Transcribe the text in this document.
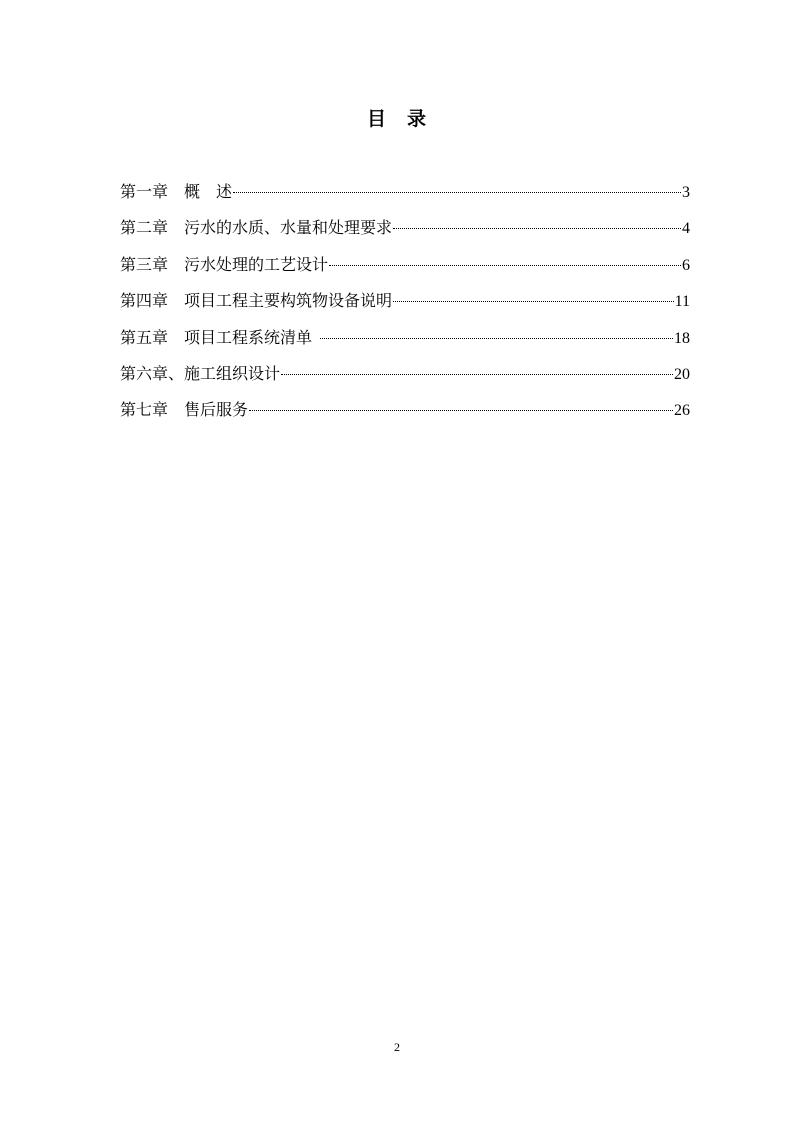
目　录
第一章　概　述	3
第二章　污水的水质、水量和处理要求	4
第三章　污水处理的工艺设计	6
第四章　项目工程主要构筑物设备说明	11
第五章　项目工程系统清单	18
第六章、施工组织设计	20
第七章　售后服务	26
2
